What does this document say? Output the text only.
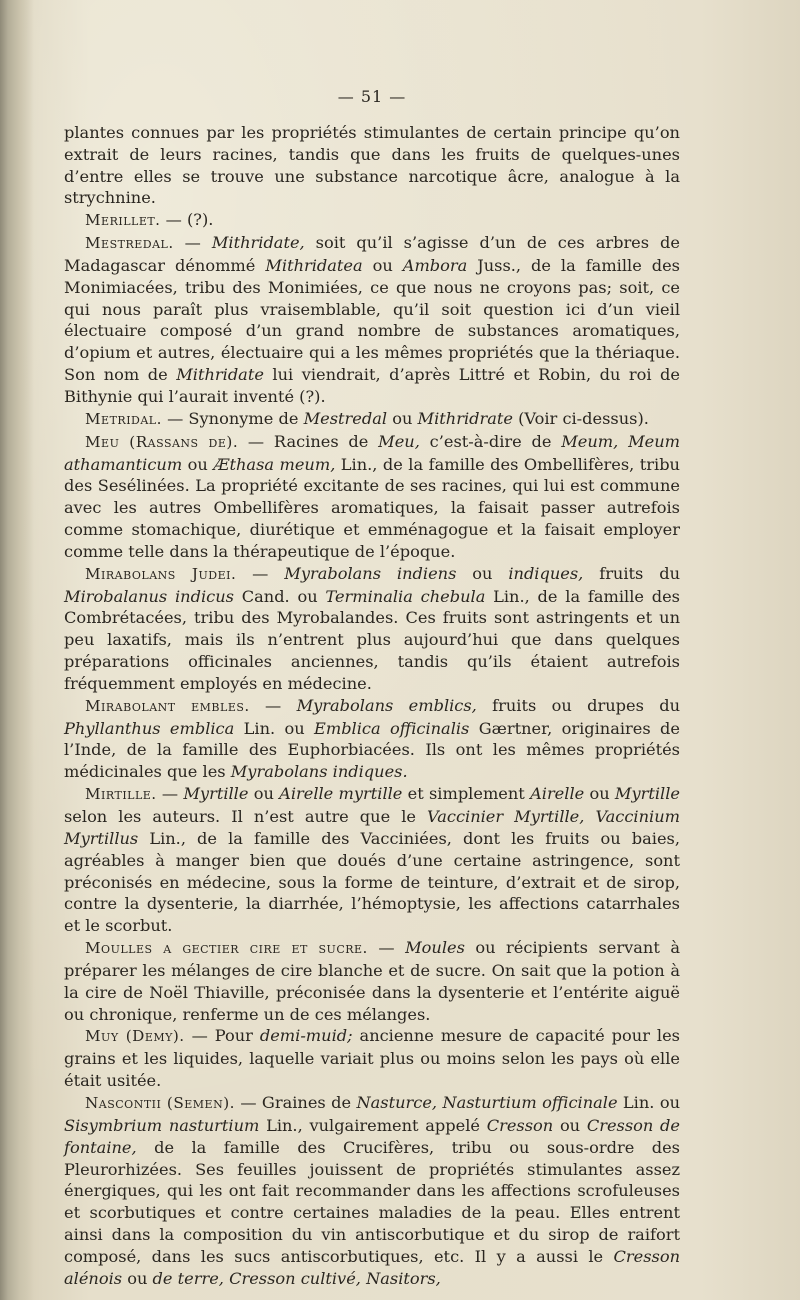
— 51 —

plantes connues par les propriétés stimulantes de certain principe qu’on extrait de leurs racines, tandis que dans les fruits de quelques-unes d’entre elles se trouve une substance narcotique âcre, analogue à la strychnine.

Merillet. — (?).

Mestredal. — Mithridate, soit qu’il s’agisse d’un de ces arbres de Madagascar dénommé Mithridatea ou Ambora Juss., de la famille des Monimiacées, tribu des Monimiées, ce que nous ne croyons pas; soit, ce qui nous paraît plus vraisemblable, qu’il soit question ici d’un vieil électuaire composé d’un grand nombre de substances aromatiques, d’opium et autres, électuaire qui a les mêmes propriétés que la thériaque. Son nom de Mithridate lui viendrait, d’après Littré et Robin, du roi de Bithynie qui l’aurait inventé (?).

Metridal. — Synonyme de Mestredal ou Mithridrate (Voir ci-dessus).

Meu (Rassans de). — Racines de Meu, c’est-à-dire de Meum, Meum athamanticum ou Æthasa meum, Lin., de la famille des Ombellifères, tribu des Sesélinées. La propriété excitante de ses racines, qui lui est commune avec les autres Ombellifères aromatiques, la faisait passer autrefois comme stomachique, diurétique et emménagogue et la faisait employer comme telle dans la thérapeutique de l’époque.

Mirabolans Judei. — Myrabolans indiens ou indiques, fruits du Mirobalanus indicus Cand. ou Terminalia chebula Lin., de la famille des Combrétacées, tribu des Myrobalandes. Ces fruits sont astringents et un peu laxatifs, mais ils n’entrent plus aujourd’hui que dans quelques préparations officinales anciennes, tandis qu’ils étaient autrefois fréquemment employés en médecine.

Mirabolant embles. — Myrabolans emblics, fruits ou drupes du Phyllanthus emblica Lin. ou Emblica officinalis Gærtner, originaires de l’Inde, de la famille des Euphorbiacées. Ils ont les mêmes propriétés médicinales que les Myrabolans indiques.

Mirtille. — Myrtille ou Airelle myrtille et simplement Airelle ou Myrtille selon les auteurs. Il n’est autre que le Vaccinier Myrtille, Vaccinium Myrtillus Lin., de la famille des Vacciniées, dont les fruits ou baies, agréables à manger bien que doués d’une certaine astringence, sont préconisés en médecine, sous la forme de teinture, d’extrait et de sirop, contre la dysenterie, la diarrhée, l’hémoptysie, les affections catarrhales et le scorbut.

Moulles a gectier cire et sucre. — Moules ou récipients servant à préparer les mélanges de cire blanche et de sucre. On sait que la potion à la cire de Noël Thiaville, préconisée dans la dysenterie et l’entérite aiguë ou chronique, renferme un de ces mélanges.

Muy (Demy). — Pour demi-muid; ancienne mesure de capacité pour les grains et les liquides, laquelle variait plus ou moins selon les pays où elle était usitée.

Nascontii (Semen). — Graines de Nasturce, Nasturtium officinale Lin. ou Sisymbrium nasturtium Lin., vulgairement appelé Cresson ou Cresson de fontaine, de la famille des Crucifères, tribu ou sous-ordre des Pleurorhizées. Ses feuilles jouissent de propriétés stimulantes assez énergiques, qui les ont fait recommander dans les affections scrofuleuses et scorbutiques et contre certaines maladies de la peau. Elles entrent ainsi dans la composition du vin antiscorbutique et du sirop de raifort composé, dans les sucs antiscorbutiques, etc. Il y a aussi le Cresson alénois ou de terre, Cresson cultivé, Nasitors,
